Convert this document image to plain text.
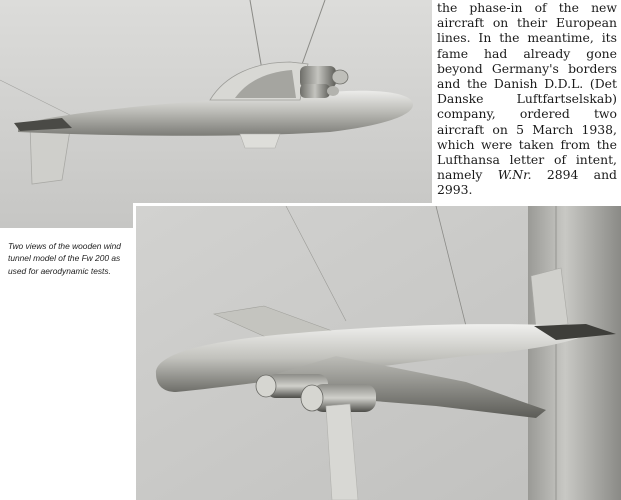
the phase-in of the new aircraft on their European lines. In the meantime, its fame had already gone beyond Germany's borders and the Danish D.D.L. (Det Danske Luftfartselskab) company, ordered two aircraft on 5 March 1938, which were taken from the Lufthansa letter of intent, namely W.Nr. 2894 and 2993.

Two views of the wooden wind tunnel model of the Fw 200 as used for aerodynamic tests.
